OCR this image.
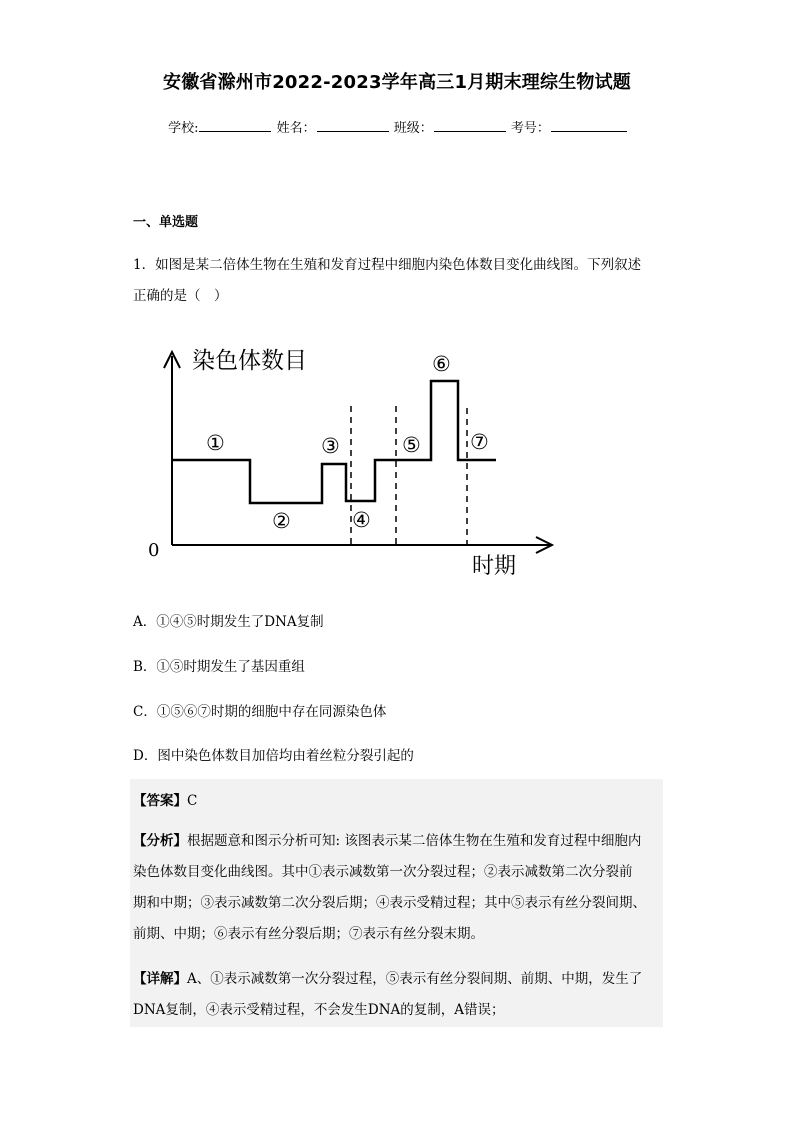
安徽省滁州市2022-2023学年高三1月期末理综生物试题
学校:	姓名：	班级：	考号：
一、单选题
1．如图是某二倍体生物在生殖和发育过程中细胞内染色体数目变化曲线图。下列叙述
正确的是（　）
染色体数目
时期
0
①
②
③
④
⑤
⑥
⑦
A．①④⑤时期发生了DNA复制
B．①⑤时期发生了基因重组
C．①⑤⑥⑦时期的细胞中存在同源染色体
D．图中染色体数目加倍均由着丝粒分裂引起的
【答案】C
【分析】根据题意和图示分析可知: 该图表示某二倍体生物在生殖和发育过程中细胞内
染色体数目变化曲线图。其中①表示减数第一次分裂过程；②表示减数第二次分裂前
期和中期；③表示减数第二次分裂后期；④表示受精过程；其中⑤表示有丝分裂间期、
前期、中期；⑥表示有丝分裂后期；⑦表示有丝分裂末期。
【详解】A、①表示减数第一次分裂过程，⑤表示有丝分裂间期、前期、中期，发生了
DNA复制，④表示受精过程，不会发生DNA的复制，A错误；
